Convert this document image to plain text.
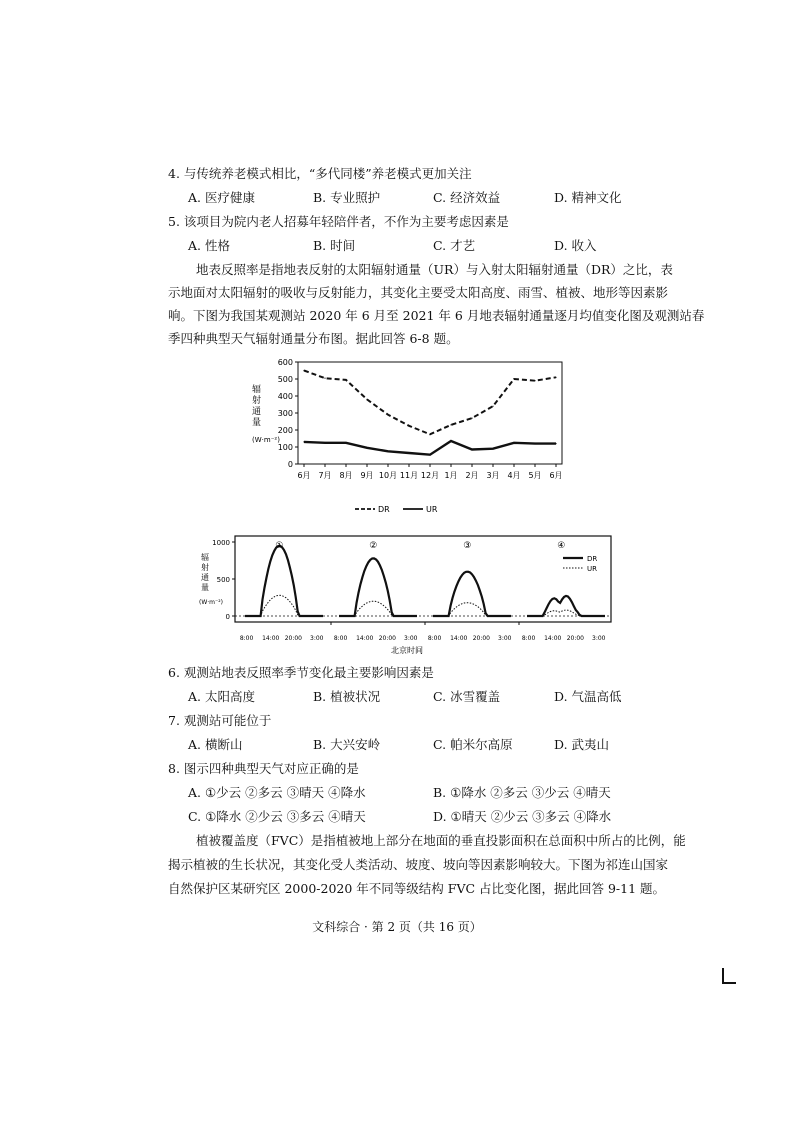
4. 与传统养老模式相比，“多代同楼”养老模式更加关注
A. 医疗健康	B. 专业照护	C. 经济效益	D. 精神文化
5. 该项目为院内老人招募年轻陪伴者，不作为主要考虑因素是
A. 性格	B. 时间	C. 才艺	D. 收入
地表反照率是指地表反射的太阳辐射通量（UR）与入射太阳辐射通量（DR）之比，表
示地面对太阳辐射的吸收与反射能力，其变化主要受太阳高度、雨雪、植被、地形等因素影
响。下图为我国某观测站 2020 年 6 月至 2021 年 6 月地表辐射通量逐月均值变化图及观测站春
季四种典型天气辐射通量分布图。据此回答 6-8 题。
辐
射
通
量
(W·m⁻²)
0
100
200
300
400
500
600
6月 7月 8月 9月 10月 11月 12月 1月 2月 3月 4月 5月 6月
DR	UR
辐
射
通
量
(W·m⁻²)
0
500
1000	①
8:00 14:00 20:00 3:00
②
8:00 14:00 20:00 3:00
③
8:00 14:00 20:00 3:00
④
8:00 14:00 20:00 3:00
DR
UR
北京时间
6. 观测站地表反照率季节变化最主要影响因素是
A. 太阳高度	B. 植被状况	C. 冰雪覆盖	D. 气温高低
7. 观测站可能位于
A. 横断山	B. 大兴安岭	C. 帕米尔高原	D. 武夷山
8. 图示四种典型天气对应正确的是
A. ①少云 ②多云 ③晴天 ④降水	B. ①降水 ②多云 ③少云 ④晴天
C. ①降水 ②少云 ③多云 ④晴天	D. ①晴天 ②少云 ③多云 ④降水
植被覆盖度（FVC）是指植被地上部分在地面的垂直投影面积在总面积中所占的比例，能
揭示植被的生长状况，其变化受人类活动、坡度、坡向等因素影响较大。下图为祁连山国家
自然保护区某研究区 2000-2020 年不同等级结构 FVC 占比变化图，据此回答 9-11 题。
文科综合 · 第 2 页（共 16 页）
